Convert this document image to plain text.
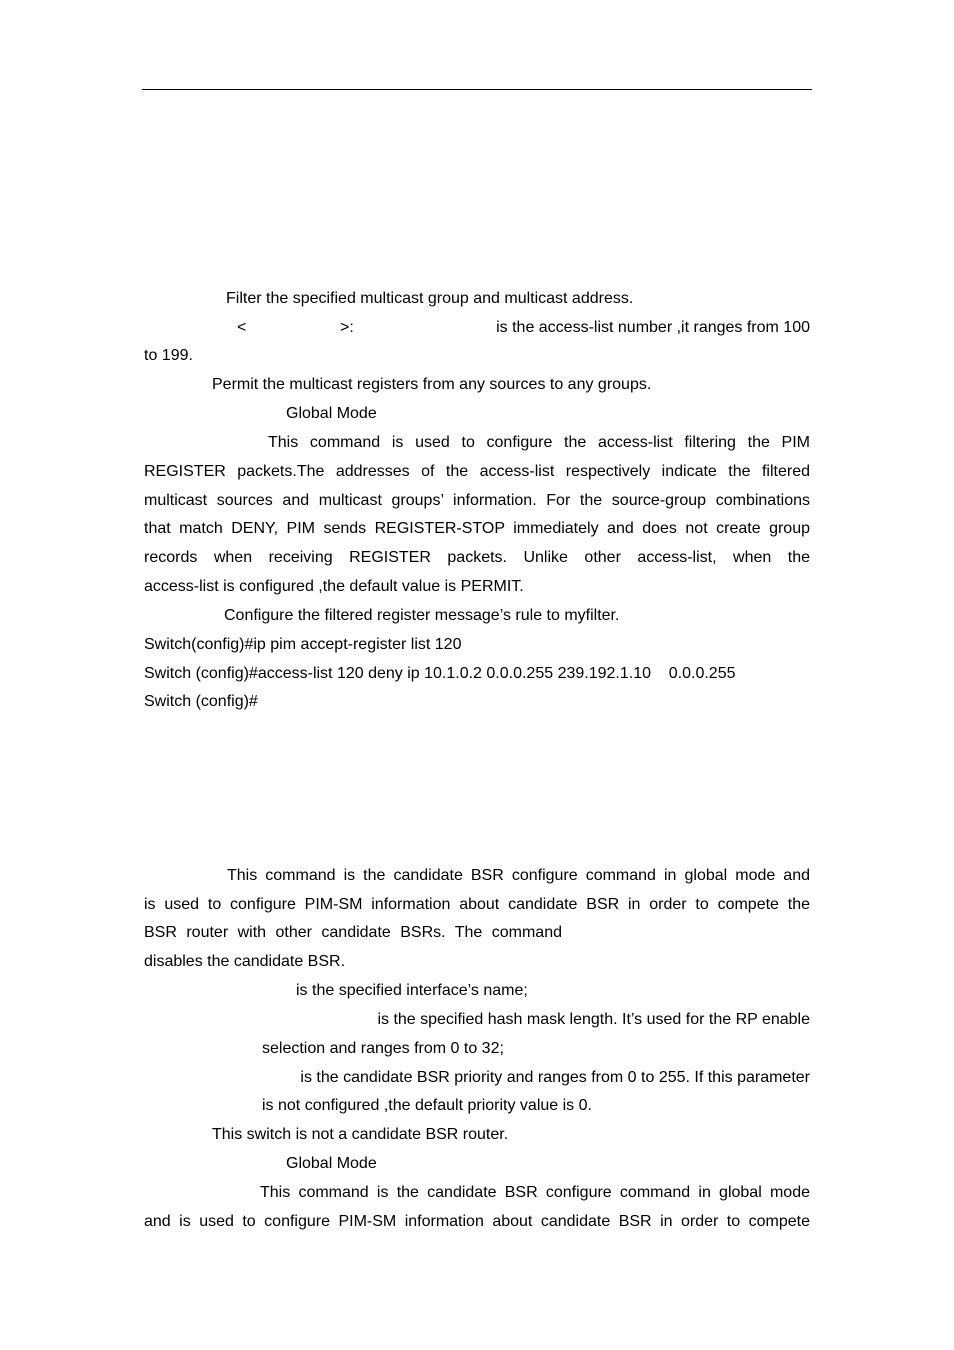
Filter the specified multicast group and multicast address.
<	>:	is the access-list number ,it ranges from 100
to 199.
Permit the multicast registers from any sources to any groups.
Global Mode
This command is used to configure the access-list filtering the PIM
REGISTER packets.The addresses of the access-list respectively indicate the filtered
multicast sources and multicast groups’ information. For the source-group combinations
that match DENY, PIM sends REGISTER-STOP immediately and does not create group
records when receiving REGISTER packets. Unlike other access-list, when the
access-list is configured ,the default value is PERMIT.
Configure the filtered register message’s rule to myfilter.
Switch(config)#ip pim accept-register list 120
Switch (config)#access-list 120 deny ip 10.1.0.2 0.0.0.255 239.192.1.10    0.0.0.255
Switch (config)#
This command is the candidate BSR configure command in global mode and
is used to configure PIM-SM information about candidate BSR in order to compete the
BSR router with other candidate BSRs. The command
disables the candidate BSR.
is the specified interface’s name;
is the specified hash mask length. It’s used for the RP enable
selection and ranges from 0 to 32;
is the candidate BSR priority and ranges from 0 to 255. If this parameter
is not configured ,the default priority value is 0.
This switch is not a candidate BSR router.
Global Mode
This command is the candidate BSR configure command in global mode
and is used to configure PIM-SM information about candidate BSR in order to compete
